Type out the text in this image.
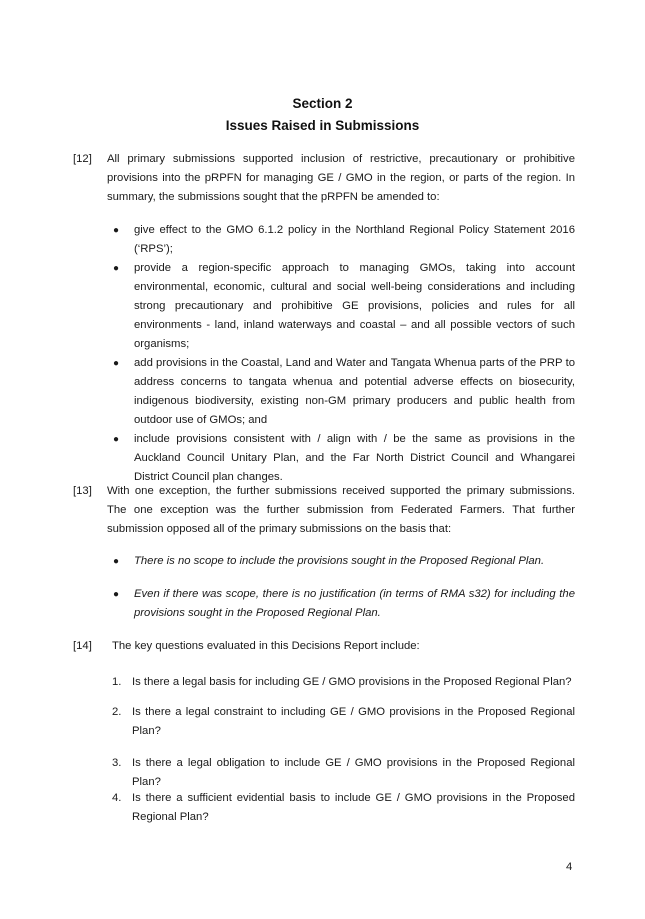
Section 2
Issues Raised in Submissions
[12] All primary submissions supported inclusion of restrictive, precautionary or prohibitive provisions into the pRPFN for managing GE / GMO in the region, or parts of the region. In summary, the submissions sought that the pRPFN be amended to:
● give effect to the GMO 6.1.2 policy in the Northland Regional Policy Statement 2016 (‘RPS’);
● provide a region-specific approach to managing GMOs, taking into account environmental, economic, cultural and social well-being considerations and including strong precautionary and prohibitive GE provisions, policies and rules for all environments - land, inland waterways and coastal – and all possible vectors of such organisms;
● add provisions in the Coastal, Land and Water and Tangata Whenua parts of the PRP to address concerns to tangata whenua and potential adverse effects on biosecurity, indigenous biodiversity, existing non-GM primary producers and public health from outdoor use of GMOs; and
● include provisions consistent with / align with / be the same as provisions in the Auckland Council Unitary Plan, and the Far North District Council and Whangarei District Council plan changes.
[13] With one exception, the further submissions received supported the primary submissions. The one exception was the further submission from Federated Farmers. That further submission opposed all of the primary submissions on the basis that:
● There is no scope to include the provisions sought in the Proposed Regional Plan.
● Even if there was scope, there is no justification (in terms of RMA s32) for including the provisions sought in the Proposed Regional Plan.
[14] The key questions evaluated in this Decisions Report include:
1. Is there a legal basis for including GE / GMO provisions in the Proposed Regional Plan?
2. Is there a legal constraint to including GE / GMO provisions in the Proposed Regional Plan?
3. Is there a legal obligation to include GE / GMO provisions in the Proposed Regional Plan?
4. Is there a sufficient evidential basis to include GE / GMO provisions in the Proposed Regional Plan?
4
